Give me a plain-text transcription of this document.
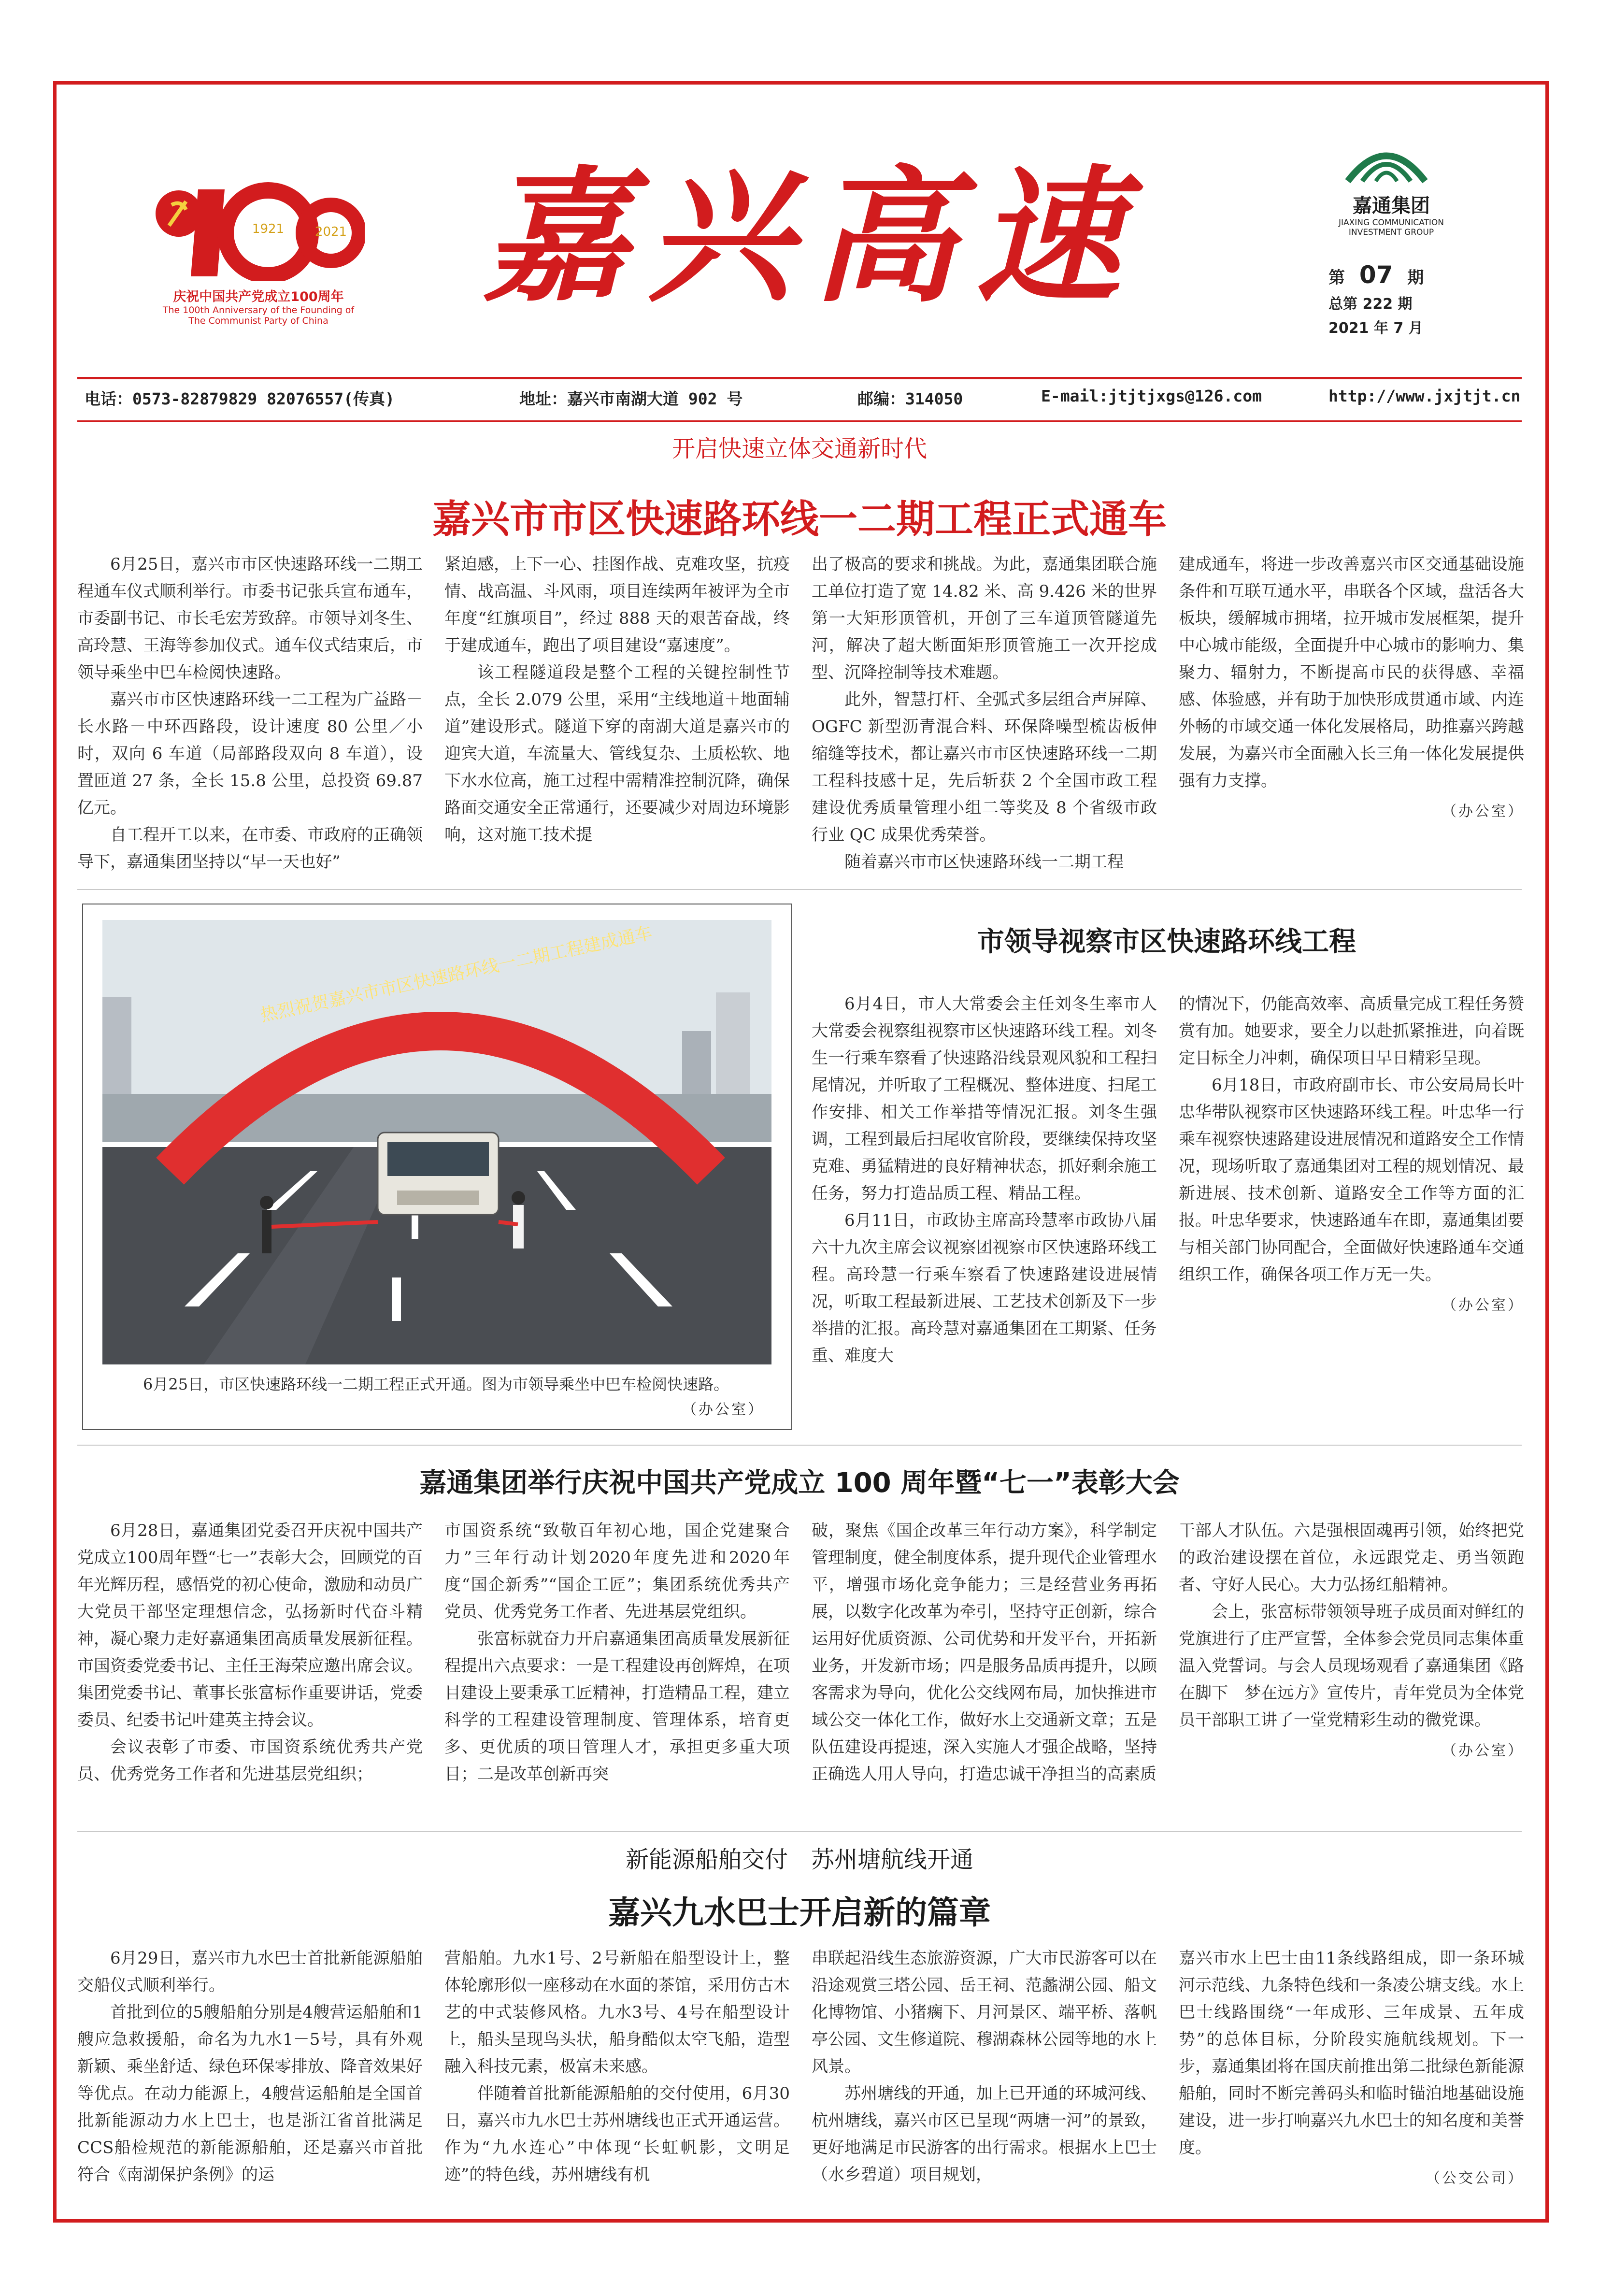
1921 2021
庆祝中国共产党成立100周年
The 100th Anniversary of the Founding of
The Communist Party of China	嘉兴高速	嘉通集团
JIAXING COMMUNICATION
INVESTMENT GROUP
第 07 期
总第 222 期
2021 年 7 月
电话：0573-82879829 82076557(传真)	地址：嘉兴市南湖大道 902 号	邮编：314050	E-mail:jtjtjxgs@126.com	http://www.jxjtjt.cn
开启快速立体交通新时代
嘉兴市市区快速路环线一二期工程正式通车

6月25日，嘉兴市市区快速路环线一二期工程通车仪式顺利举行。市委书记张兵宣布通车，市委副书记、市长毛宏芳致辞。市领导刘冬生、高玲慧、王海等参加仪式。通车仪式结束后，市领导乘坐中巴车检阅快速路。

嘉兴市市区快速路环线一二工程为广益路－长水路－中环西路段，设计速度 80 公里／小时，双向 6 车道（局部路段双向 8 车道），设置匝道 27 条，全长 15.8 公里，总投资 69.87 亿元。

自工程开工以来，在市委、市政府的正确领导下，嘉通集团坚持以“早一天也好”

紧迫感，上下一心、挂图作战、克难攻坚，抗疫情、战高温、斗风雨，项目连续两年被评为全市年度“红旗项目”，经过 888 天的艰苦奋战，终于建成通车，跑出了项目建设“嘉速度”。

该工程隧道段是整个工程的关键控制性节点，全长 2.079 公里，采用“主线地道＋地面辅道”建设形式。隧道下穿的南湖大道是嘉兴市的迎宾大道，车流量大、管线复杂、土质松软、地下水水位高，施工过程中需精准控制沉降，确保路面交通安全正常通行，还要减少对周边环境影响，这对施工技术提

出了极高的要求和挑战。为此，嘉通集团联合施工单位打造了宽 14.82 米、高 9.426 米的世界第一大矩形顶管机，开创了三车道顶管隧道先河，解决了超大断面矩形顶管施工一次开挖成型、沉降控制等技术难题。

此外，智慧打杆、全弧式多层组合声屏障、OGFC 新型沥青混合料、环保降噪型梳齿板伸缩缝等技术，都让嘉兴市市区快速路环线一二期工程科技感十足，先后斩获 2 个全国市政工程建设优秀质量管理小组二等奖及 8 个省级市政行业 QC 成果优秀荣誉。

随着嘉兴市市区快速路环线一二期工程

建成通车，将进一步改善嘉兴市区交通基础设施条件和互联互通水平，串联各个区域，盘活各大板块，缓解城市拥堵，拉开城市发展框架，提升中心城市能级，全面提升中心城市的影响力、集聚力、辐射力，不断提高市民的获得感、幸福感、体验感，并有助于加快形成贯通市域、内连外畅的市域交通一体化发展格局，助推嘉兴跨越发展，为嘉兴市全面融入长三角一体化发展提供强有力支撑。

（办公室）
热烈祝贺嘉兴市市区快速路环线一二期工程建成通车
6月25日，市区快速路环线一二期工程正式开通。图为市领导乘坐中巴车检阅快速路。
（办公室）
市领导视察市区快速路环线工程

6月4日，市人大常委会主任刘冬生率市人大常委会视察组视察市区快速路环线工程。刘冬生一行乘车察看了快速路沿线景观风貌和工程扫尾情况，并听取了工程概况、整体进度、扫尾工作安排、相关工作举措等情况汇报。刘冬生强调，工程到最后扫尾收官阶段，要继续保持攻坚克难、勇猛精进的良好精神状态，抓好剩余施工任务，努力打造品质工程、精品工程。

6月11日，市政协主席高玲慧率市政协八届六十九次主席会议视察团视察市区快速路环线工程。高玲慧一行乘车察看了快速路建设进展情况，听取工程最新进展、工艺技术创新及下一步举措的汇报。高玲慧对嘉通集团在工期紧、任务重、难度大

的情况下，仍能高效率、高质量完成工程任务赞赏有加。她要求，要全力以赴抓紧推进，向着既定目标全力冲刺，确保项目早日精彩呈现。

6月18日，市政府副市长、市公安局局长叶忠华带队视察市区快速路环线工程。叶忠华一行乘车视察快速路建设进展情况和道路安全工作情况，现场听取了嘉通集团对工程的规划情况、最新进展、技术创新、道路安全工作等方面的汇报。叶忠华要求，快速路通车在即，嘉通集团要与相关部门协同配合，全面做好快速路通车交通组织工作，确保各项工作万无一失。

（办公室）
嘉通集团举行庆祝中国共产党成立 100 周年暨“七一”表彰大会

6月28日，嘉通集团党委召开庆祝中国共产党成立100周年暨“七一”表彰大会，回顾党的百年光辉历程，感悟党的初心使命，激励和动员广大党员干部坚定理想信念，弘扬新时代奋斗精神，凝心聚力走好嘉通集团高质量发展新征程。市国资委党委书记、主任王海荣应邀出席会议。集团党委书记、董事长张富标作重要讲话，党委委员、纪委书记叶建英主持会议。

会议表彰了市委、市国资系统优秀共产党员、优秀党务工作者和先进基层党组织；

市国资系统“致敬百年初心地，国企党建聚合力”三年行动计划2020年度先进和2020年度“国企新秀”“国企工匠”；集团系统优秀共产党员、优秀党务工作者、先进基层党组织。

张富标就奋力开启嘉通集团高质量发展新征程提出六点要求：一是工程建设再创辉煌，在项目建设上要秉承工匠精神，打造精品工程，建立科学的工程建设管理制度、管理体系，培育更多、更优质的项目管理人才，承担更多重大项目；二是改革创新再突

破，聚焦《国企改革三年行动方案》，科学制定管理制度，健全制度体系，提升现代企业管理水平，增强市场化竞争能力；三是经营业务再拓展，以数字化改革为牵引，坚持守正创新，综合运用好优质资源、公司优势和开发平台，开拓新业务，开发新市场；四是服务品质再提升，以顾客需求为导向，优化公交线网布局，加快推进市域公交一体化工作，做好水上交通新文章；五是队伍建设再提速，深入实施人才强企战略，坚持正确选人用人导向，打造忠诚干净担当的高素质

干部人才队伍。六是强根固魂再引领，始终把党的政治建设摆在首位，永远跟党走、勇当领跑者、守好人民心。大力弘扬红船精神。

会上，张富标带领领导班子成员面对鲜红的党旗进行了庄严宣誓，全体参会党员同志集体重温入党誓词。与会人员现场观看了嘉通集团《路在脚下　梦在远方》宣传片，青年党员为全体党员干部职工讲了一堂党精彩生动的微党课。

（办公室）
新能源船舶交付　苏州塘航线开通
嘉兴九水巴士开启新的篇章

6月29日，嘉兴市九水巴士首批新能源船舶交船仪式顺利举行。

首批到位的5艘船舶分别是4艘营运船舶和1艘应急救援船，命名为九水1－5号，具有外观新颖、乘坐舒适、绿色环保零排放、降音效果好等优点。在动力能源上，4艘营运船舶是全国首批新能源动力水上巴士，也是浙江省首批满足CCS船检规范的新能源船舶，还是嘉兴市首批符合《南湖保护条例》的运

营船舶。九水1号、2号新船在船型设计上，整体轮廓形似一座移动在水面的茶馆，采用仿古木艺的中式装修风格。九水3号、4号在船型设计上，船头呈现鸟头状，船身酷似太空飞船，造型融入科技元素，极富未来感。

伴随着首批新能源船舶的交付使用，6月30日，嘉兴市九水巴士苏州塘线也正式开通运营。作为“九水连心”中体现“长虹帆影，文明足迹”的特色线，苏州塘线有机

串联起沿线生态旅游资源，广大市民游客可以在沿途观赏三塔公园、岳王祠、范蠡湖公园、船文化博物馆、小猪瘸下、月河景区、端平桥、落帆亭公园、文生修道院、穆湖森林公园等地的水上风景。

苏州塘线的开通，加上已开通的环城河线、杭州塘线，嘉兴市区已呈现“两塘一河”的景致，更好地满足市民游客的出行需求。根据水上巴士（水乡碧道）项目规划，

嘉兴市水上巴士由11条线路组成，即一条环城河示范线、九条特色线和一条凌公塘支线。水上巴士线路围绕“一年成形、三年成景、五年成势”的总体目标，分阶段实施航线规划。下一步，嘉通集团将在国庆前推出第二批绿色新能源船舶，同时不断完善码头和临时锚泊地基础设施建设，进一步打响嘉兴九水巴士的知名度和美誉度。

（公交公司）
